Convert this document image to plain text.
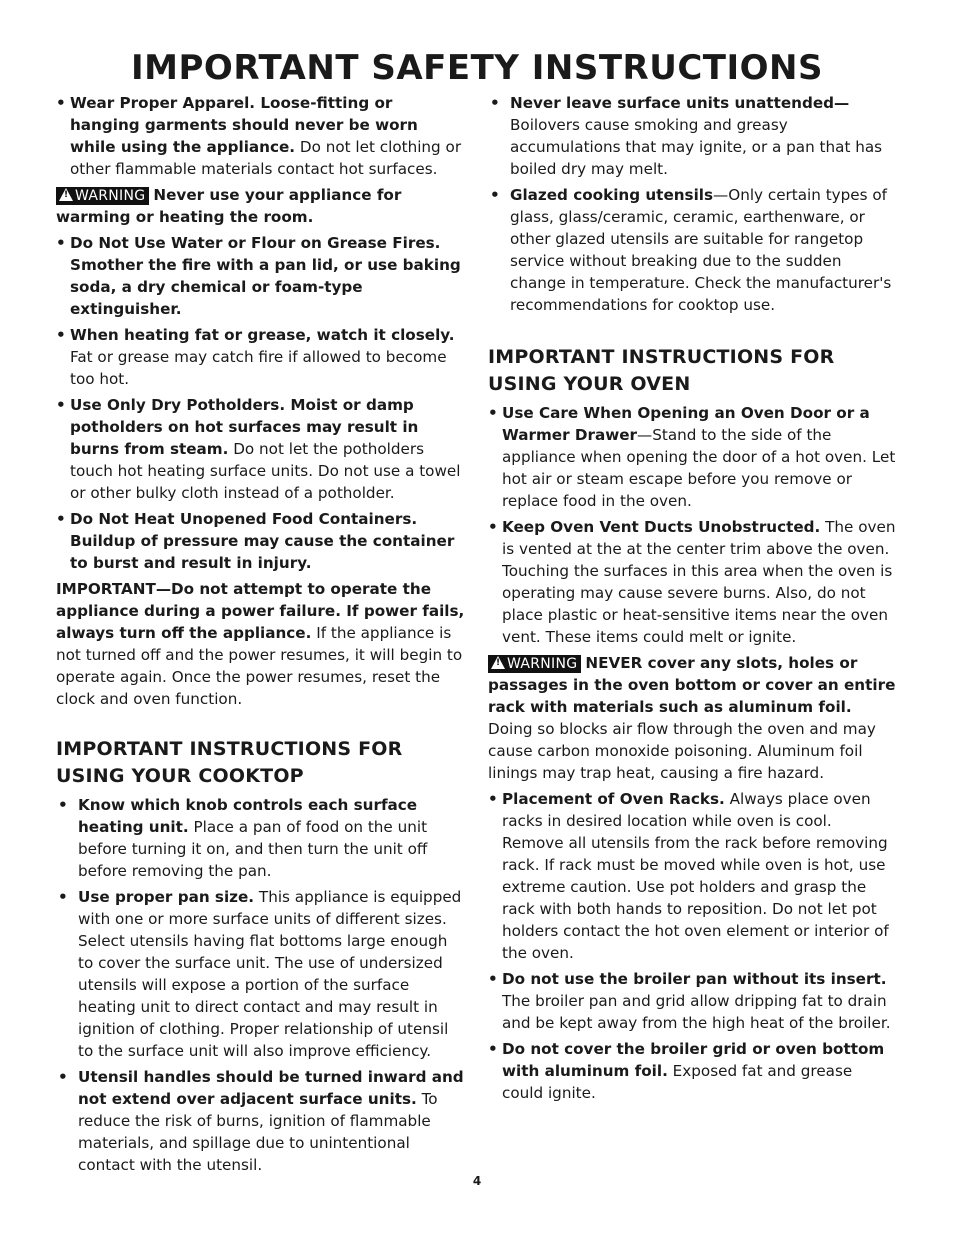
IMPORTANT SAFETY INSTRUCTIONS

• Wear Proper Apparel. Loose-fitting or hanging garments should never be worn while using the appliance. Do not let clothing or other flammable materials contact hot surfaces.

! WARNING Never use your appliance for warming or heating the room.

• Do Not Use Water or Flour on Grease Fires. Smother the fire with a pan lid, or use baking soda, a dry chemical or foam-type extinguisher.

• When heating fat or grease, watch it closely. Fat or grease may catch fire if allowed to become too hot.

• Use Only Dry Potholders. Moist or damp potholders on hot surfaces may result in burns from steam. Do not let the potholders touch hot heating surface units. Do not use a towel or other bulky cloth instead of a potholder.

• Do Not Heat Unopened Food Containers. Buildup of pressure may cause the container to burst and result in injury.

IMPORTANT—Do not attempt to operate the appliance during a power failure. If power fails, always turn off the appliance. If the appliance is not turned off and the power resumes, it will begin to operate again. Once the power resumes, reset the clock and oven function.

IMPORTANT INSTRUCTIONS FOR USING YOUR COOKTOP

• Know which knob controls each surface heating unit. Place a pan of food on the unit before turning it on, and then turn the unit off before removing the pan.

• Use proper pan size. This appliance is equipped with one or more surface units of different sizes. Select utensils having flat bottoms large enough to cover the surface unit. The use of undersized utensils will expose a portion of the surface heating unit to direct contact and may result in ignition of clothing. Proper relationship of utensil to the surface unit will also improve efficiency.

• Utensil handles should be turned inward and not extend over adjacent surface units. To reduce the risk of burns, ignition of flammable materials, and spillage due to unintentional contact with the utensil.

• Never leave surface units unattended— Boilovers cause smoking and greasy accumulations that may ignite, or a pan that has boiled dry may melt.

• Glazed cooking utensils—Only certain types of glass, glass/ceramic, ceramic, earthenware, or other glazed utensils are suitable for rangetop service without breaking due to the sudden change in temperature. Check the manufacturer's recommendations for cooktop use.

IMPORTANT INSTRUCTIONS FOR USING YOUR OVEN

• Use Care When Opening an Oven Door or a Warmer Drawer—Stand to the side of the appliance when opening the door of a hot oven. Let hot air or steam escape before you remove or replace food in the oven.

• Keep Oven Vent Ducts Unobstructed. The oven is vented at the at the center trim above the oven. Touching the surfaces in this area when the oven is operating may cause severe burns. Also, do not place plastic or heat-sensitive items near the oven vent. These items could melt or ignite.

! WARNING NEVER cover any slots, holes or passages in the oven bottom or cover an entire rack with materials such as aluminum foil. Doing so blocks air flow through the oven and may cause carbon monoxide poisoning. Aluminum foil linings may trap heat, causing a fire hazard.

• Placement of Oven Racks. Always place oven racks in desired location while oven is cool. Remove all utensils from the rack before removing rack. If rack must be moved while oven is hot, use extreme caution. Use pot holders and grasp the rack with both hands to reposition. Do not let pot holders contact the hot oven element or interior of the oven.

• Do not use the broiler pan without its insert. The broiler pan and grid allow dripping fat to drain and be kept away from the high heat of the broiler.

• Do not cover the broiler grid or oven bottom with aluminum foil. Exposed fat and grease could ignite.

4
